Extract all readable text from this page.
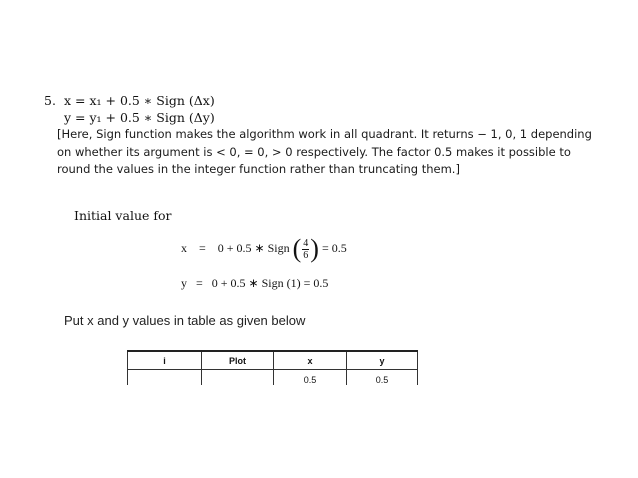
5. x = x₁ + 0.5 ∗ Sign (Δx)
y = y₁ + 0.5 ∗ Sign (Δy)
[Here, Sign function makes the algorithm work in all quadrant. It returns − 1, 0, 1 depending on whether its argument is < 0, = 0, > 0 respectively. The factor 0.5 makes it possible to round the values in the integer function rather than truncating them.]
Initial value for
x = 0 + 0.5 ∗ Sign ( $\frac{4}{6}$ ) = 0.5
y = 0 + 0.5 ∗ Sign (1) = 0.5
Put x and y values in table as given below
i	Plot	x	y
		0.5	0.5
